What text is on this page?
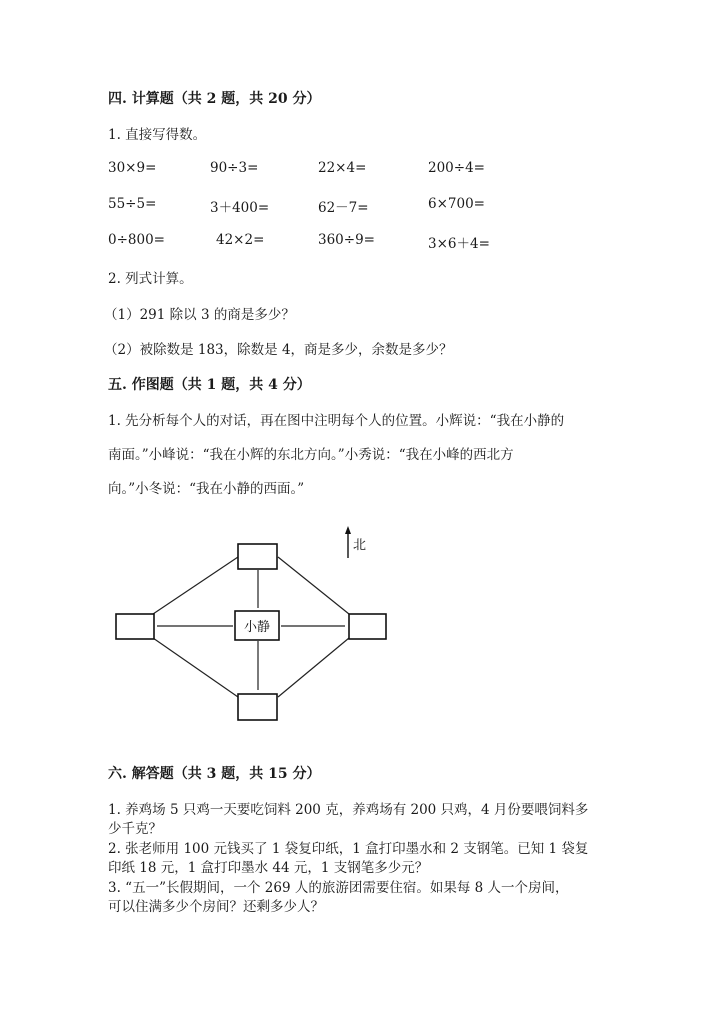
四. 计算题（共 2 题，共 20 分）
1. 直接写得数。
30×9=	90÷3=	22×4=	200÷4=
55÷5=	3＋400=	62－7=	6×700=
0÷800=	42×2=	360÷9=	3×6＋4=
2. 列式计算。
（1）291 除以 3 的商是多少？
（2）被除数是 183，除数是 4，商是多少，余数是多少？
五. 作图题（共 1 题，共 4 分）
1. 先分析每个人的对话，再在图中注明每个人的位置。小辉说：“我在小静的
南面。”小峰说：“我在小辉的东北方向。”小秀说：“我在小峰的西北方
向。”小冬说：“我在小静的西面。”
小静
北
六. 解答题（共 3 题，共 15 分）
1. 养鸡场 5 只鸡一天要吃饲料 200 克，养鸡场有 200 只鸡，4 月份要喂饲料多
少千克？
2. 张老师用 100 元钱买了 1 袋复印纸，1 盒打印墨水和 2 支钢笔。已知 1 袋复
印纸 18 元，1 盒打印墨水 44 元，1 支钢笔多少元？
3. “五一”长假期间，一个 269 人的旅游团需要住宿。如果每 8 人一个房间，
可以住满多少个房间？还剩多少人？
